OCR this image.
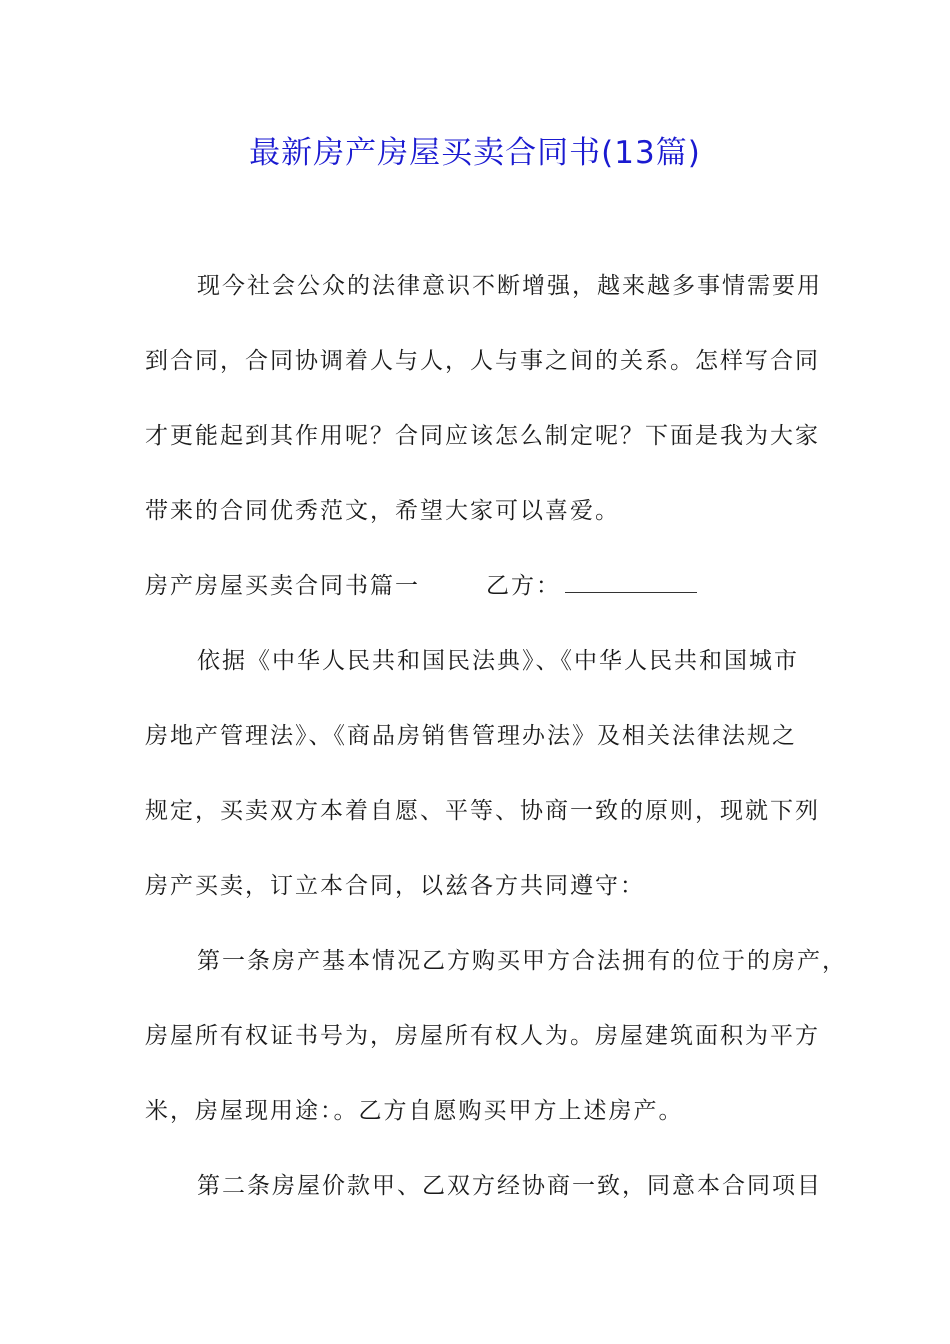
最新房产房屋买卖合同书(13篇)
现今社会公众的法律意识不断增强，越来越多事情需要用
到合同，合同协调着人与人，人与事之间的关系。怎样写合同
才更能起到其作用呢？合同应该怎么制定呢？下面是我为大家
带来的合同优秀范文，希望大家可以喜爱。
房产房屋买卖合同书篇一	乙方：
依据《中华人民共和国民法典》、《中华人民共和国城市
房地产管理法》、《商品房销售管理办法》及相关法律法规之
规定，买卖双方本着自愿、平等、协商一致的原则，现就下列
房产买卖，订立本合同，以兹各方共同遵守：
第一条房产基本情况乙方购买甲方合法拥有的位于的房产，
房屋所有权证书号为，房屋所有权人为。房屋建筑面积为平方
米，房屋现用途：。乙方自愿购买甲方上述房产。
第二条房屋价款甲、乙双方经协商一致，同意本合同项目
